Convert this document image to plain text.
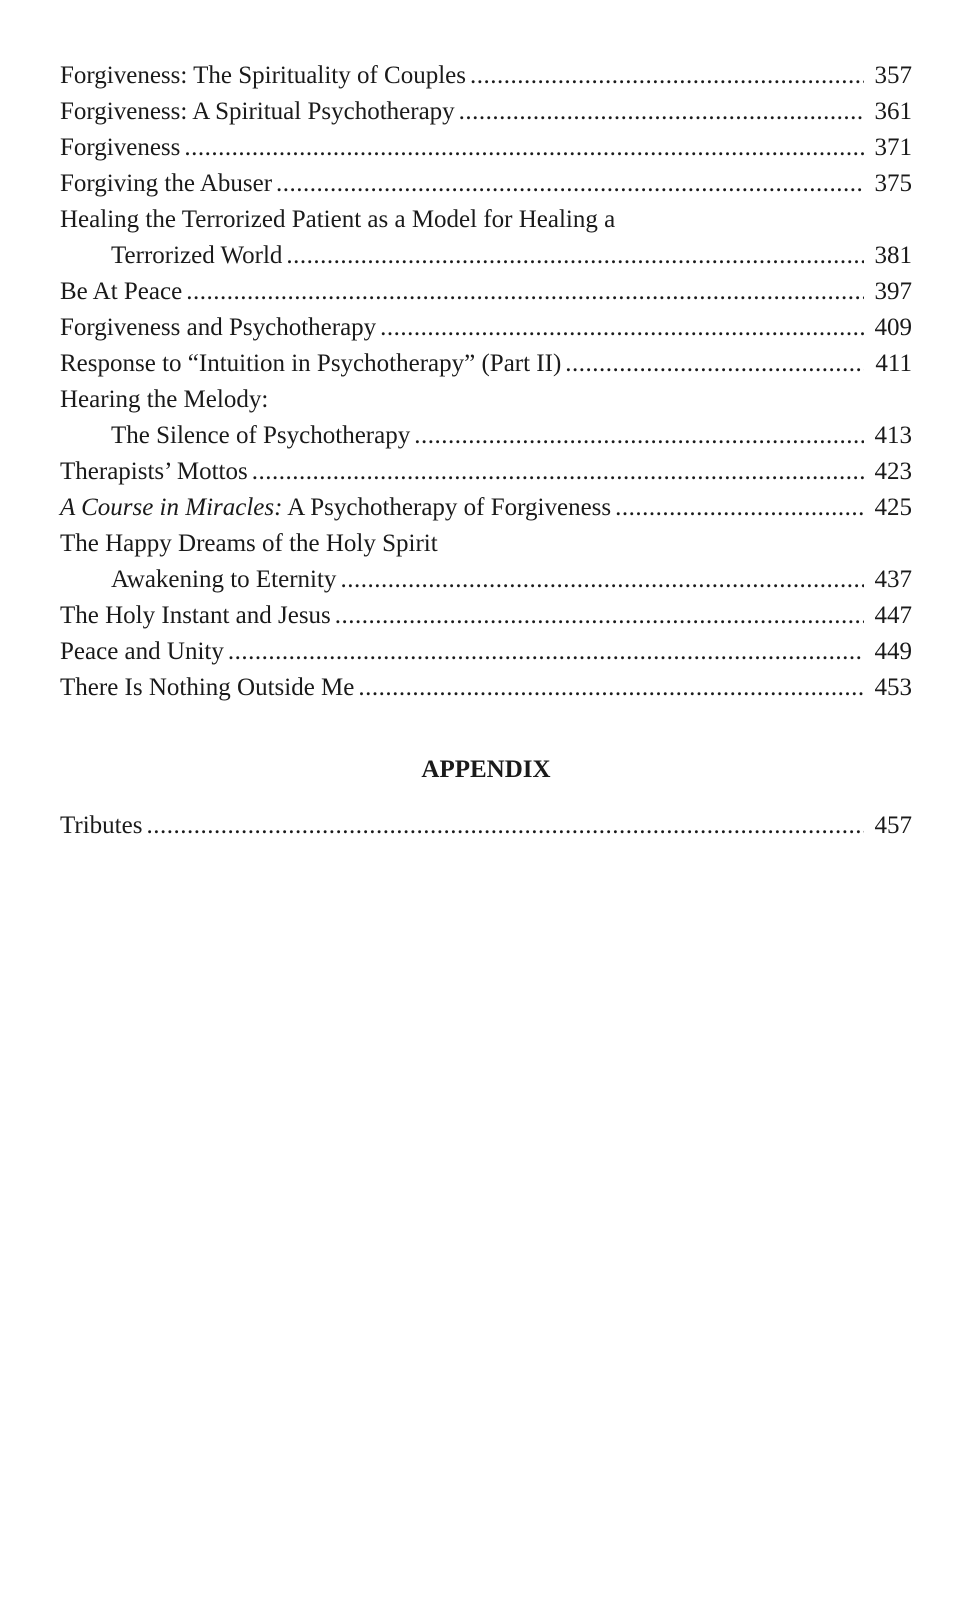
Forgiveness: The Spirituality of Couples .....	357
Forgiveness: A Spiritual Psychotherapy .....	361
Forgiveness .....	371
Forgiving the Abuser .....	375
Healing the Terrorized Patient as a Model for Healing a
Terrorized World .....	381
Be At Peace .....	397
Forgiveness and Psychotherapy .....	409
Response to “Intuition in Psychotherapy” (Part II) .....	411
Hearing the Melody:
The Silence of Psychotherapy .....	413
Therapists’ Mottos .....	423
A Course in Miracles: A Psychotherapy of Forgiveness .....	425
The Happy Dreams of the Holy Spirit
Awakening to Eternity .....	437
The Holy Instant and Jesus .....	447
Peace and Unity .....	449
There Is Nothing Outside Me .....	453
APPENDIX
Tributes .....	457
